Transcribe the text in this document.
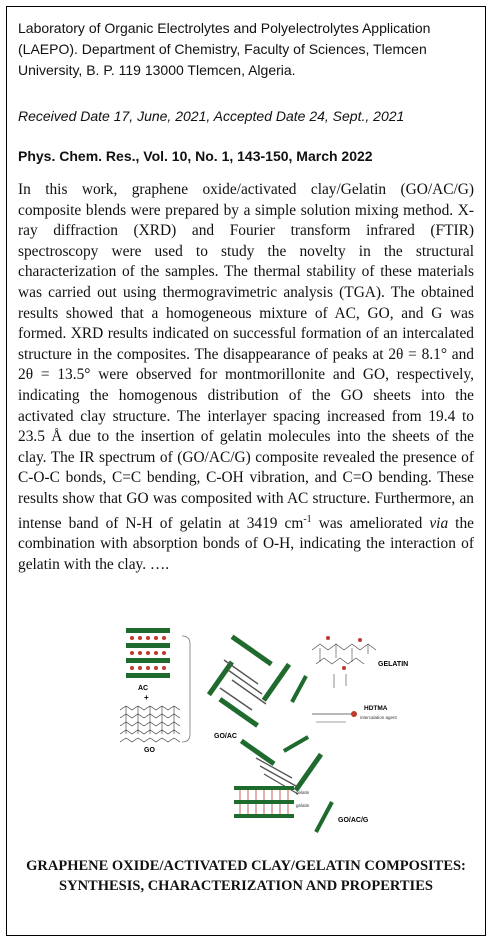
Laboratory of Organic Electrolytes and Polyelectrolytes Application (LAEPO). Department of Chemistry, Faculty of Sciences, Tlemcen University, B. P. 119 13000 Tlemcen, Algeria.
Received Date 17, June, 2021, Accepted Date 24, Sept., 2021
Phys. Chem. Res., Vol. 10, No. 1, 143-150, March 2022
In this work, graphene oxide/activated clay/Gelatin (GO/AC/G) composite blends were prepared by a simple solution mixing method. X-ray diffraction (XRD) and Fourier transform infrared (FTIR) spectroscopy were used to study the novelty in the structural characterization of the samples. The thermal stability of these materials was carried out using thermogravimetric analysis (TGA). The obtained results showed that a homogeneous mixture of AC, GO, and G was formed. XRD results indicated on successful formation of an intercalated structure in the composites. The disappearance of peaks at 2θ = 8.1° and 2θ = 13.5° were observed for montmorillonite and GO, respectively, indicating the homogenous distribution of the GO sheets into the activated clay structure. The interlayer spacing increased from 19.4 to 23.5 Å due to the insertion of gelatin molecules into the sheets of the clay. The IR spectrum of (GO/AC/G) composite revealed the presence of C-O-C bonds, C=C bending, C-OH vibration, and C=O bending. These results show that GO was composited with AC structure. Furthermore, an intense band of N-H of gelatin at 3419 $cm^{-1}$ was ameliorated via the combination with absorption bonds of O-H, indicating the interaction of gelatin with the clay. ….
AC
+
GO
GO/AC
GELATIN
HDTMA
intercalation agent
gelatin
gelatin
GO/AC/G
GRAPHENE OXIDE/ACTIVATED CLAY/GELATIN COMPOSITES: SYNTHESIS, CHARACTERIZATION AND PROPERTIES
